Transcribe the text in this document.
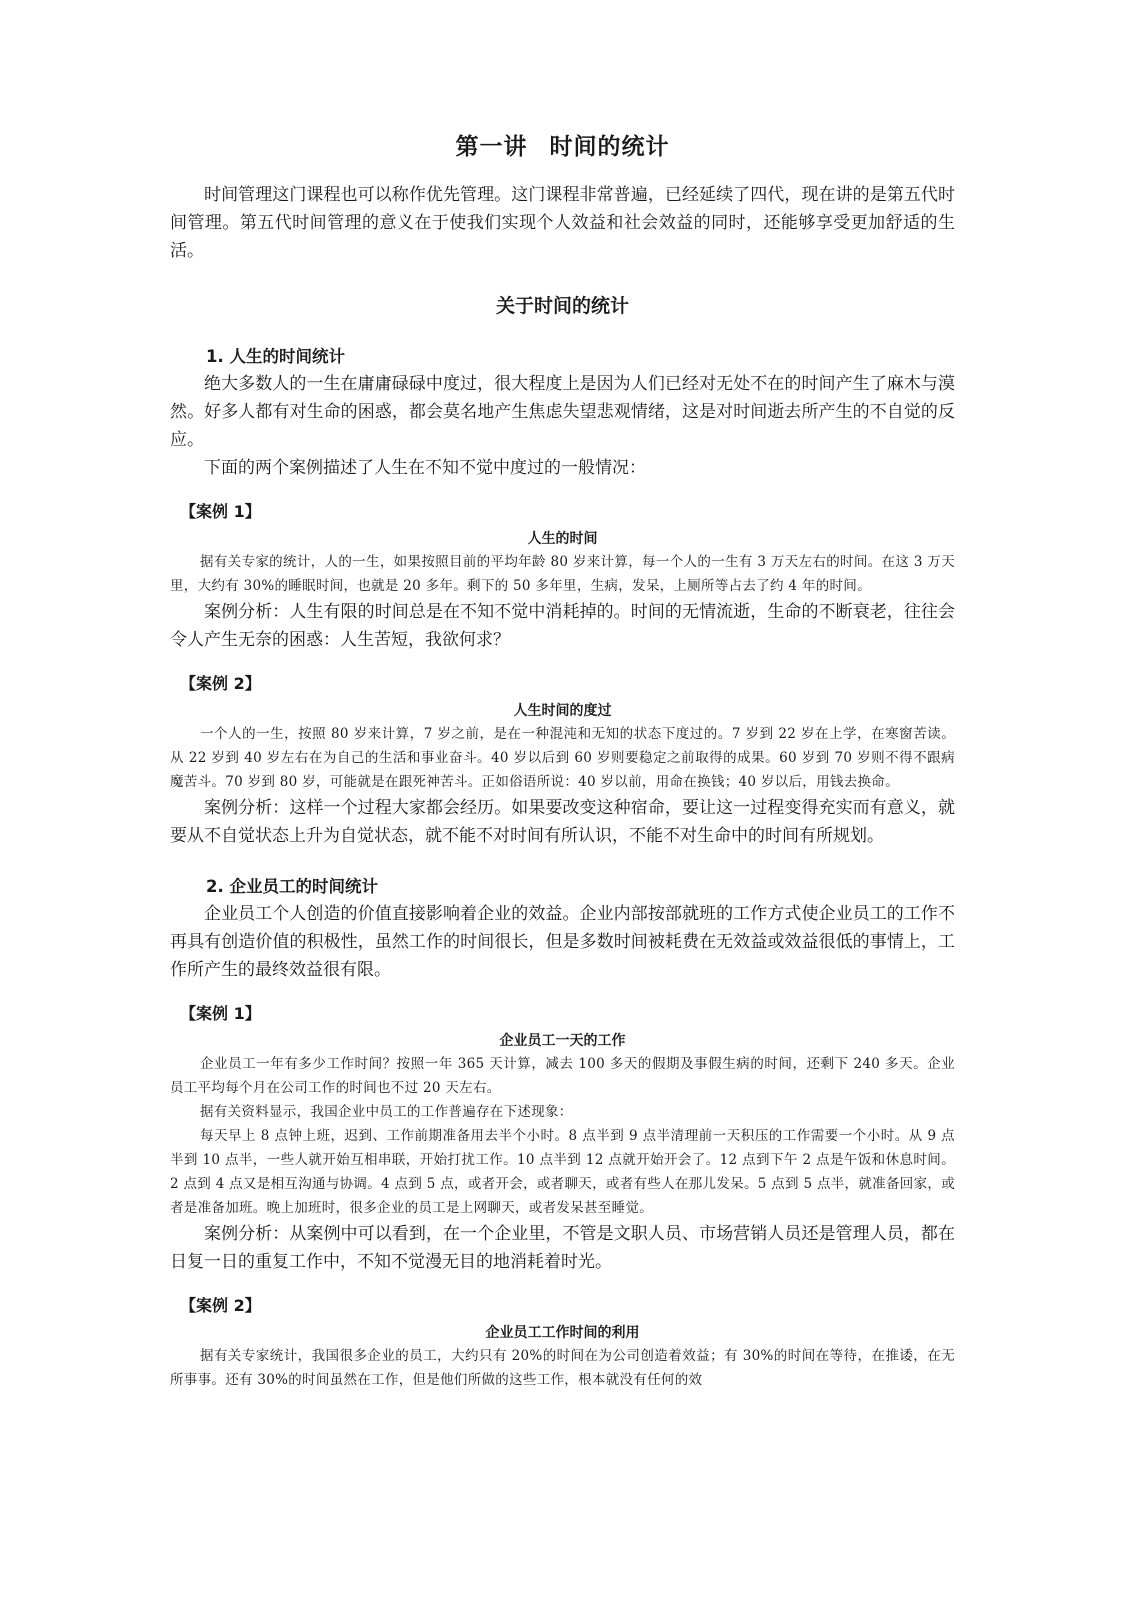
第一讲 时间的统计

时间管理这门课程也可以称作优先管理。这门课程非常普遍，已经延续了四代，现在讲的是第五代时间管理。第五代时间管理的意义在于使我们实现个人效益和社会效益的同时，还能够享受更加舒适的生活。

关于时间的统计
1. 人生的时间统计

绝大多数人的一生在庸庸碌碌中度过，很大程度上是因为人们已经对无处不在的时间产生了麻木与漠然。好多人都有对生命的困惑，都会莫名地产生焦虑失望悲观情绪，这是对时间逝去所产生的不自觉的反应。

下面的两个案例描述了人生在不知不觉中度过的一般情况：

【案例 1】
人生的时间

据有关专家的统计，人的一生，如果按照目前的平均年龄 80 岁来计算，每一个人的一生有 3 万天左右的时间。在这 3 万天里，大约有 30%的睡眠时间，也就是 20 多年。剩下的 50 多年里，生病，发呆，上厕所等占去了约 4 年的时间。

案例分析：人生有限的时间总是在不知不觉中消耗掉的。时间的无情流逝，生命的不断衰老，往往会令人产生无奈的困惑：人生苦短，我欲何求？

【案例 2】
人生时间的度过

一个人的一生，按照 80 岁来计算，7 岁之前，是在一种混沌和无知的状态下度过的。7 岁到 22 岁在上学，在寒窗苦读。从 22 岁到 40 岁左右在为自己的生活和事业奋斗。40 岁以后到 60 岁则要稳定之前取得的成果。60 岁到 70 岁则不得不跟病魔苦斗。70 岁到 80 岁，可能就是在跟死神苦斗。正如俗语所说：40 岁以前，用命在换钱；40 岁以后，用钱去换命。

案例分析：这样一个过程大家都会经历。如果要改变这种宿命，要让这一过程变得充实而有意义，就要从不自觉状态上升为自觉状态，就不能不对时间有所认识，不能不对生命中的时间有所规划。

2. 企业员工的时间统计

企业员工个人创造的价值直接影响着企业的效益。企业内部按部就班的工作方式使企业员工的工作不再具有创造价值的积极性，虽然工作的时间很长，但是多数时间被耗费在无效益或效益很低的事情上，工作所产生的最终效益很有限。

【案例 1】
企业员工一天的工作

企业员工一年有多少工作时间？按照一年 365 天计算，减去 100 多天的假期及事假生病的时间，还剩下 240 多天。企业员工平均每个月在公司工作的时间也不过 20 天左右。

据有关资料显示，我国企业中员工的工作普遍存在下述现象：

每天早上 8 点钟上班，迟到、工作前期准备用去半个小时。8 点半到 9 点半清理前一天积压的工作需要一个小时。从 9 点半到 10 点半，一些人就开始互相串联，开始打扰工作。10 点半到 12 点就开始开会了。12 点到下午 2 点是午饭和休息时间。2 点到 4 点又是相互沟通与协调。4 点到 5 点，或者开会，或者聊天，或者有些人在那儿发呆。5 点到 5 点半，就准备回家，或者是准备加班。晚上加班时，很多企业的员工是上网聊天，或者发呆甚至睡觉。

案例分析：从案例中可以看到，在一个企业里，不管是文职人员、市场营销人员还是管理人员，都在日复一日的重复工作中，不知不觉漫无目的地消耗着时光。

【案例 2】
企业员工工作时间的利用

据有关专家统计，我国很多企业的员工，大约只有 20%的时间在为公司创造着效益；有 30%的时间在等待，在推诿，在无所事事。还有 30%的时间虽然在工作，但是他们所做的这些工作，根本就没有任何的效
